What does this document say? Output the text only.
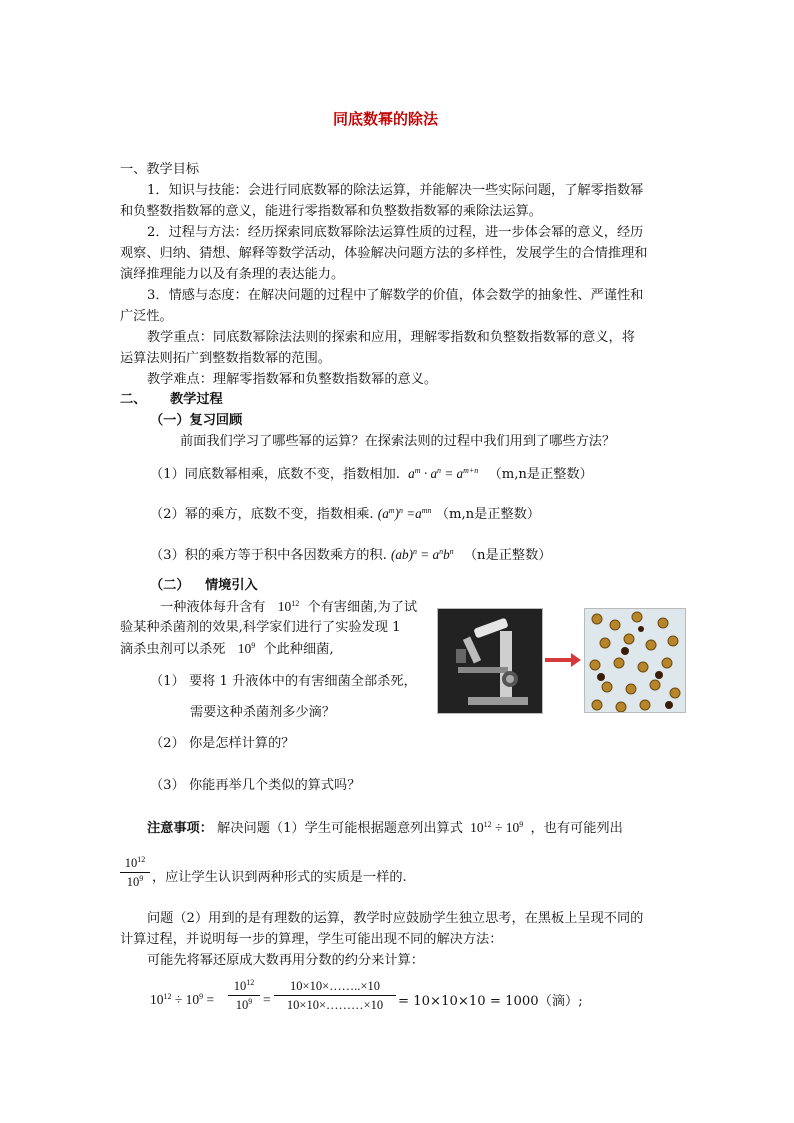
同底数幂的除法
一、教学目标
1．知识与技能：会进行同底数幂的除法运算，并能解决一些实际问题，了解零指数幂
和负整数指数幂的意义，能进行零指数幂和负整数指数幂的乘除法运算。
2．过程与方法：经历探索同底数幂除法运算性质的过程，进一步体会幂的意义，经历
观察、归纳、猜想、解释等数学活动，体验解决问题方法的多样性，发展学生的合情推理和
演绎推理能力以及有条理的表达能力。
3．情感与态度：在解决问题的过程中了解数学的价值，体会数学的抽象性、严谨性和
广泛性。
教学重点：同底数幂除法法则的探索和应用，理解零指数和负整数指数幂的意义，将
运算法则拓广到整数指数幂的范围。
教学难点：理解零指数幂和负整数指数幂的意义。
二、 教学过程
（一）复习回顾
前面我们学习了哪些幂的运算？在探索法则的过程中我们用到了哪些方法？
（1）同底数幂相乘，底数不变，指数相加. $a^m \cdot a^n = a^{m+n}$ （m,n是正整数）
（2）幂的乘方，底数不变，指数相乘. $(a^m)^n =a^{mn}$ （m,n是正整数）
（3）积的乘方等于积中各因数乘方的积. $(ab)^n = a^nb^n$ （n是正整数）
（二） 情境引入
一种液体每升含有 $10^{12}$ 个有害细菌,为了试
验某种杀菌剂的效果,科学家们进行了实验发现 1
滴杀虫剂可以杀死 $10^9$ 个此种细菌,
（1） 要将 1 升液体中的有害细菌全部杀死，
需要这种杀菌剂多少滴？
（2） 你是怎样计算的？
（3） 你能再举几个类似的算式吗？
注意事项： 解决问题（1）学生可能根据题意列出算式 $10^{12} \div 10^9$ ，也有可能列出
$10^{12}$
$10^9$ ，应让学生认识到两种形式的实质是一样的.
问题（2）用到的是有理数的运算，教学时应鼓励学生独立思考，在黑板上呈现不同的
计算过程，并说明每一步的算理，学生可能出现不同的解决方法：
可能先将幂还原成大数再用分数的约分来计算：
$10^{12} \div 10^9$ =
$10^{12}$
$10^9$ =
10×10×……..×10
10×10×………×10	= 10×10×10 = 1000（滴）;
